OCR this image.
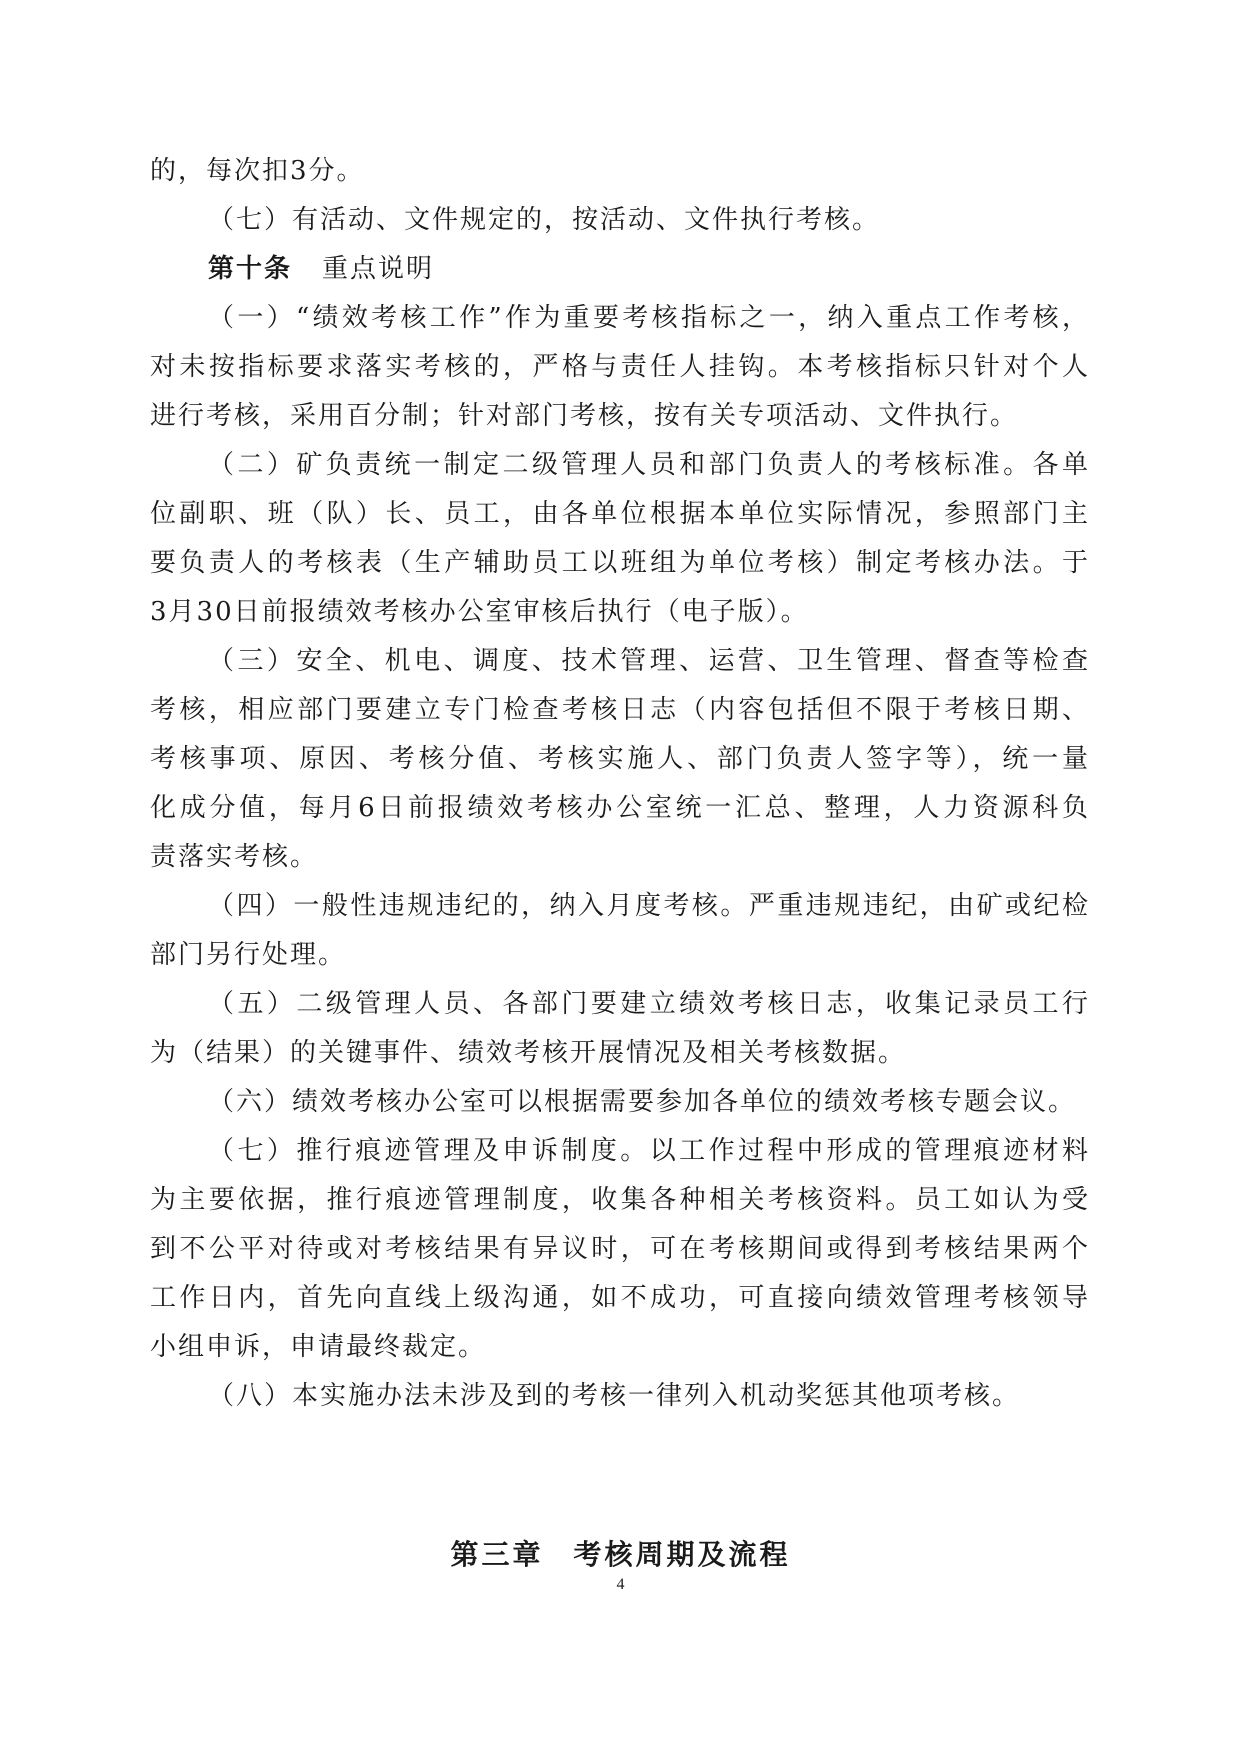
的，每次扣3分。
（七）有活动、文件规定的，按活动、文件执行考核。
第十条 重点说明
（一）“绩效考核工作”作为重要考核指标之一，纳入重点工作考核，
对未按指标要求落实考核的，严格与责任人挂钩。本考核指标只针对个人
进行考核，采用百分制；针对部门考核，按有关专项活动、文件执行。
（二）矿负责统一制定二级管理人员和部门负责人的考核标准。各单
位副职、班（队）长、员工，由各单位根据本单位实际情况，参照部门主
要负责人的考核表（生产辅助员工以班组为单位考核）制定考核办法。于
3月30日前报绩效考核办公室审核后执行（电子版）。
（三）安全、机电、调度、技术管理、运营、卫生管理、督查等检查
考核，相应部门要建立专门检查考核日志（内容包括但不限于考核日期、
考核事项、原因、考核分值、考核实施人、部门负责人签字等），统一量
化成分值，每月6日前报绩效考核办公室统一汇总、整理，人力资源科负
责落实考核。
（四）一般性违规违纪的，纳入月度考核。严重违规违纪，由矿或纪检
部门另行处理。
（五）二级管理人员、各部门要建立绩效考核日志，收集记录员工行
为（结果）的关键事件、绩效考核开展情况及相关考核数据。
（六）绩效考核办公室可以根据需要参加各单位的绩效考核专题会议。
（七）推行痕迹管理及申诉制度。以工作过程中形成的管理痕迹材料
为主要依据，推行痕迹管理制度，收集各种相关考核资料。员工如认为受
到不公平对待或对考核结果有异议时，可在考核期间或得到考核结果两个
工作日内，首先向直线上级沟通，如不成功，可直接向绩效管理考核领导
小组申诉，申请最终裁定。
（八）本实施办法未涉及到的考核一律列入机动奖惩其他项考核。
第三章 考核周期及流程
4
